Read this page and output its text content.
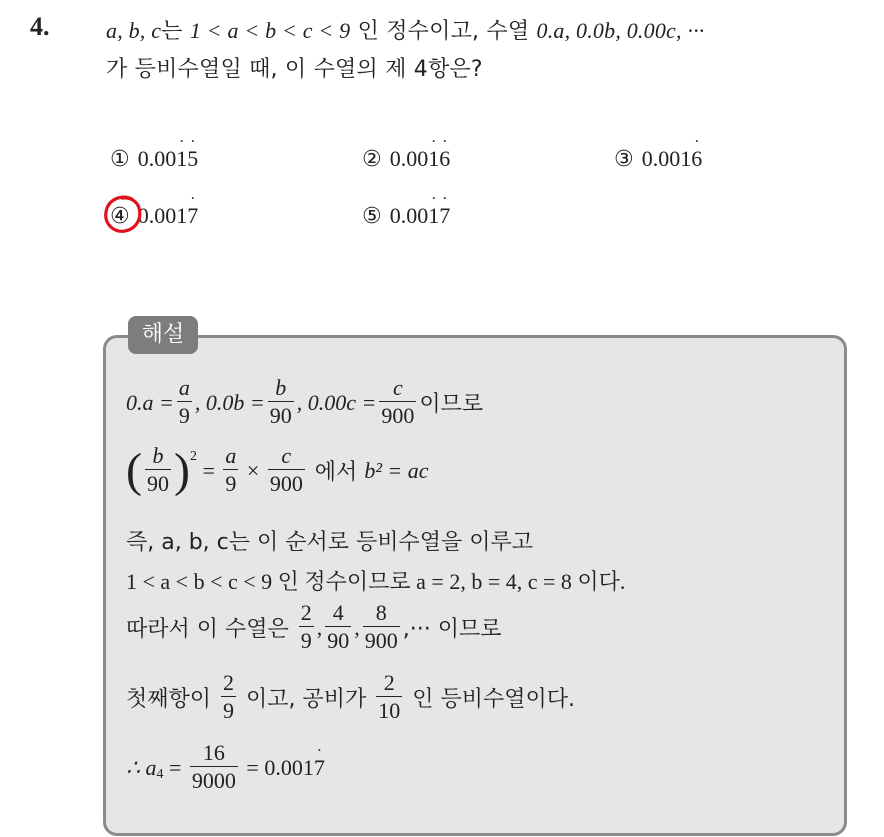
4.	a, b, c는 1 < a < b < c < 9 인 정수이고, 수열 0.a, 0.0b, 0.00c, ···
가 등비수열일 때, 이 수열의 제 4항은?
① 0.001 ˙5 ˙	② 0.001 ˙6 ˙	③ 0.0016 ˙
④ 0.0017 ˙	⑤ 0.001 ˙7 ˙
해설
$0.a = \frac{a}{9}$ , $0.0b = \frac{b}{90}$ , $0.00c = \frac{c}{900}$ 이므로
( $\frac{b}{90} )^2$
= $\frac{a}{9} \times \frac{c}{900}$ 에서 b² = ac
즉, a, b, c는 이 순서로 등비수열을 이루고
1 < a < b < c < 9 인 정수이므로 a = 2, b = 4, c = 8 이다.
따라서 이 수열은 $\frac{2}{9}$ , $\frac{4}{90}$ , $\frac{8}{900}$ ,··· 이므로
첫째항이 $\frac{2}{9}$ 이고, 공비가 $\frac{2}{10}$ 인 등비수열이다.
∴ $a_4 = \frac{16}{9000} = 0.001$ 7 ˙
